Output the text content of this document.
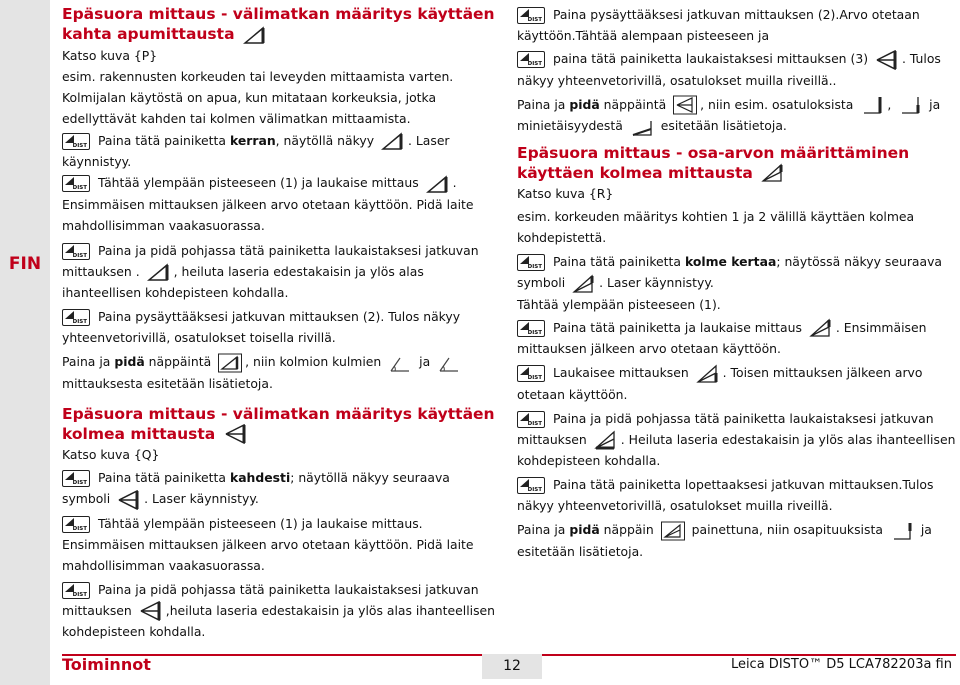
FIN

Epäsuora mittaus - välimatkan määritys käyttäen kahta apumittausta

Katso kuva {P}

esim. rakennusten korkeuden tai leveyden mittaamista varten. Kolmijalan käytöstä on apua, kun mitataan korkeuksia, jotka edellyttävät kahden tai kolmen välimatkan mittaamista.

DIST Paina tätä painiketta kerran, näytöllä näkyy	. Laser käynnistyy.

DIST Tähtää ylempään pisteeseen (1) ja laukaise mittaus	. Ensimmäisen mittauksen jälkeen arvo otetaan käyttöön. Pidä laite mahdollisimman vaakasuorassa.

DIST Paina ja pidä pohjassa tätä painiketta laukaistaksesi jatkuvan mittauksen .	, heiluta laseria edestakaisin ja ylös alas ihanteellisen kohdepisteen kohdalla.

DIST Paina pysäyttääksesi jatkuvan mittauksen (2). Tulos näkyy yhteenvetorivillä, osatulokset toisella rivillä.

Paina ja pidä näppäintä	, niin kolmion kulmien	ja  mittauksesta esitetään lisätietoja.

Epäsuora mittaus - välimatkan määritys käyttäen kolmea mittausta

Katso kuva {Q}

DIST Paina tätä painiketta kahdesti; näytöllä näkyy seuraava symboli	. Laser käynnistyy.

DIST Tähtää ylempään pisteeseen (1) ja laukaise mittaus. Ensimmäisen mittauksen jälkeen arvo otetaan käyttöön. Pidä laite mahdollisimman vaakasuorassa.

DIST Paina ja pidä pohjassa tätä painiketta laukaistaksesi jatkuvan mittauksen	,heiluta laseria edestakaisin ja ylös alas ihanteellisen kohdepisteen kohdalla.

DIST Paina pysäyttääksesi jatkuvan mittauksen (2).Arvo otetaan käyttöön.Tähtää alempaan pisteeseen ja

DIST paina tätä painiketta laukaistaksesi mittauksen (3)	. Tulos näkyy yhteenvetorivillä, osatulokset muilla riveillä..

Paina ja pidä näppäintä	, niin esim. osatuloksista	,	ja
minietäisyydestä	esitetään lisätietoja.

Epäsuora mittaus - osa-arvon määrittäminen käyttäen kolmea mittausta

Katso kuva {R}

esim. korkeuden määritys kohtien 1 ja 2 välillä käyttäen kolmea kohdepistettä.

DIST Paina tätä painiketta kolme kertaa; näytössä näkyy seuraava symboli	. Laser käynnistyy.

Tähtää ylempään pisteeseen (1).

DIST Paina tätä painiketta ja laukaise mittaus	. Ensimmäisen mittauksen jälkeen arvo otetaan käyttöön.

DIST Laukaisee mittauksen	. Toisen mittauksen jälkeen arvo otetaan käyttöön.

DIST Paina ja pidä pohjassa tätä painiketta laukaistaksesi jatkuvan mittauksen	. Heiluta laseria edestakaisin ja ylös alas ihanteellisen kohdepisteen kohdalla.

DIST Paina tätä painiketta lopettaaksesi jatkuvan mittauksen.Tulos näkyy yhteenvetorivillä, osatulokset muilla riveillä.

Paina ja pidä näppäin	painettuna, niin osapituuksista	ja
esitetään lisätietoja.

Toiminnot	12	Leica DISTO™ D5 LCA782203a fin
